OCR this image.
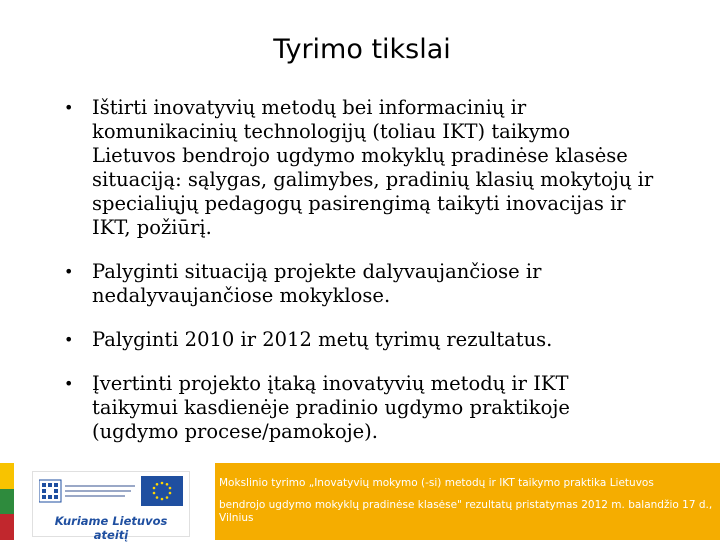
Tyrimo tikslai
• Ištirti inovatyvių metodų bei informacinių ir komunikacinių technologijų (toliau IKT) taikymo Lietuvos bendrojo ugdymo mokyklų pradinėse klasėse situaciją: sąlygas, galimybes, pradinių klasių mokytojų ir specialiųjų pedagogų pasirengimą taikyti inovacijas ir IKT, požiūrį.
• Palyginti situaciją projekte dalyvaujančiose ir nedalyvaujančiose mokyklose.
• Palyginti 2010 ir 2012 metų tyrimų rezultatus.
• Įvertinti projekto įtaką inovatyvių metodų ir IKT taikymui kasdienėje pradinio ugdymo praktikoje (ugdymo procese/pamokoje).
Kuriame Lietuvos ateitį
Mokslinio tyrimo „Inovatyvių mokymo (-si) metodų ir IKT taikymo praktika Lietuvos
bendrojo ugdymo mokyklų pradinėse klasėse" rezultatų pristatymas 2012 m. balandžio 17 d., Vilnius
